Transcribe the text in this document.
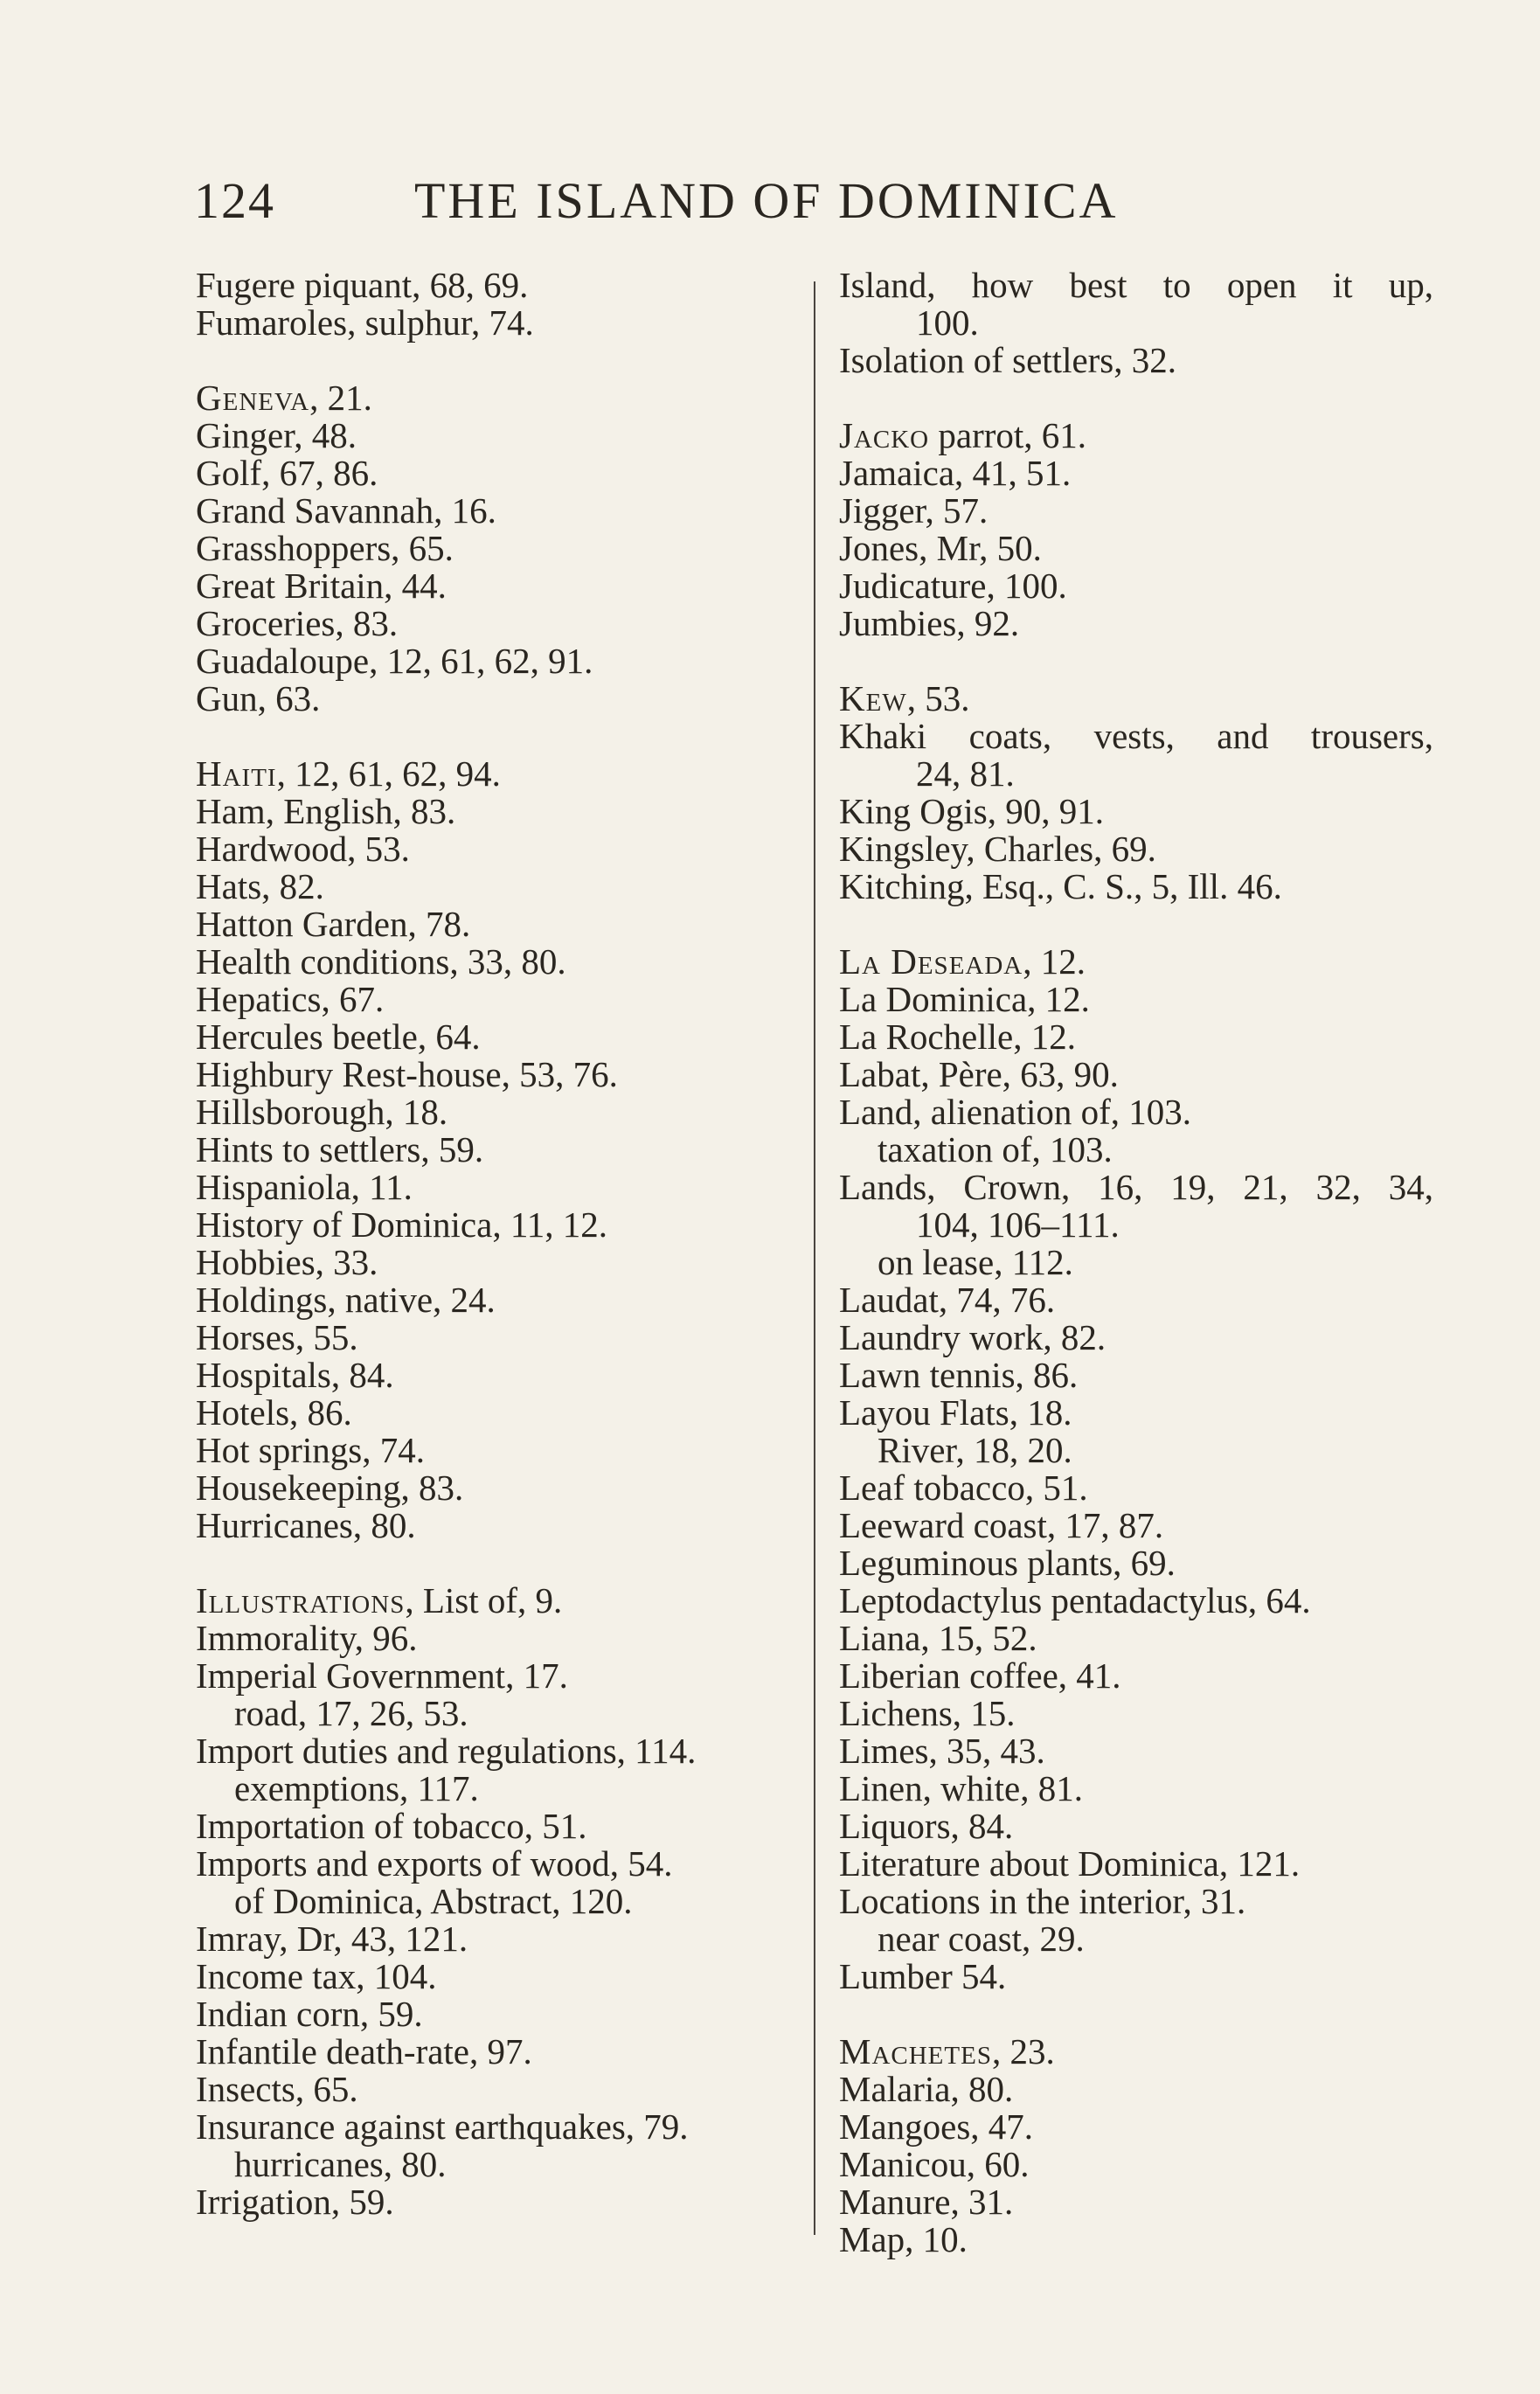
124	THE ISLAND OF DOMINICA
Fugere piquant, 68, 69.
Fumaroles, sulphur, 74.
Geneva, 21.
Ginger, 48.
Golf, 67, 86.
Grand Savannah, 16.
Grasshoppers, 65.
Great Britain, 44.
Groceries, 83.
Guadaloupe, 12, 61, 62, 91.
Gun, 63.
Haiti, 12, 61, 62, 94.
Ham, English, 83.
Hardwood, 53.
Hats, 82.
Hatton Garden, 78.
Health conditions, 33, 80.
Hepatics, 67.
Hercules beetle, 64.
Highbury Rest-house, 53, 76.
Hillsborough, 18.
Hints to settlers, 59.
Hispaniola, 11.
History of Dominica, 11, 12.
Hobbies, 33.
Holdings, native, 24.
Horses, 55.
Hospitals, 84.
Hotels, 86.
Hot springs, 74.
Housekeeping, 83.
Hurricanes, 80.
Illustrations, List of, 9.
Immorality, 96.
Imperial Government, 17.
road, 17, 26, 53.
Import duties and regulations, 114.
exemptions, 117.
Importation of tobacco, 51.
Imports and exports of wood, 54.
of Dominica, Abstract, 120.
Imray, Dr, 43, 121.
Income tax, 104.
Indian corn, 59.
Infantile death-rate, 97.
Insects, 65.
Insurance against earthquakes, 79.
hurricanes, 80.
Irrigation, 59.
Island, how best to open it up,
100.
Isolation of settlers, 32.
Jacko parrot, 61.
Jamaica, 41, 51.
Jigger, 57.
Jones, Mr, 50.
Judicature, 100.
Jumbies, 92.
Kew, 53.
Khaki coats, vests, and trousers,
24, 81.
King Ogis, 90, 91.
Kingsley, Charles, 69.
Kitching, Esq., C. S., 5, Ill. 46.
La Deseada, 12.
La Dominica, 12.
La Rochelle, 12.
Labat, Père, 63, 90.
Land, alienation of, 103.
taxation of, 103.
Lands, Crown, 16, 19, 21, 32, 34,
104, 106–111.
on lease, 112.
Laudat, 74, 76.
Laundry work, 82.
Lawn tennis, 86.
Layou Flats, 18.
River, 18, 20.
Leaf tobacco, 51.
Leeward coast, 17, 87.
Leguminous plants, 69.
Leptodactylus pentadactylus, 64.
Liana, 15, 52.
Liberian coffee, 41.
Lichens, 15.
Limes, 35, 43.
Linen, white, 81.
Liquors, 84.
Literature about Dominica, 121.
Locations in the interior, 31.
near coast, 29.
Lumber 54.
Machetes, 23.
Malaria, 80.
Mangoes, 47.
Manicou, 60.
Manure, 31.
Map, 10.
